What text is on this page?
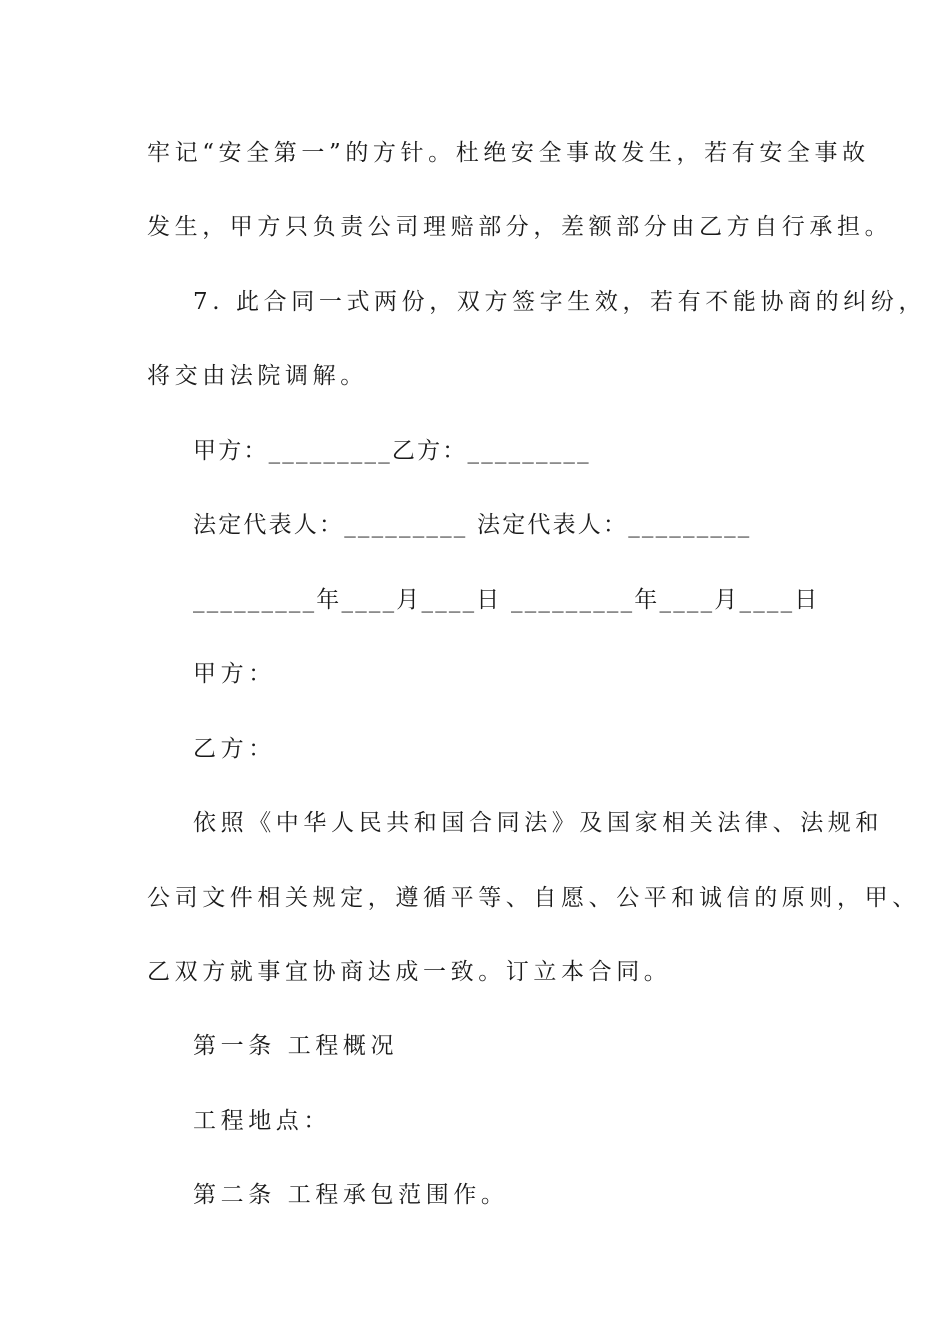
牢记“安全第一”的方针。杜绝安全事故发生，若有安全事故
发生，甲方只负责公司理赔部分，差额部分由乙方自行承担。
7. 此合同一式两份，双方签字生效，若有不能协商的纠纷，
将交由法院调解。
甲方：_________乙方：_________
法定代表人：_________ 法定代表人：_________
_________年____月____日 _________年____月____日
甲方：
乙方：
依照《中华人民共和国合同法》及国家相关法律、法规和
公司文件相关规定，遵循平等、自愿、公平和诚信的原则，甲、
乙双方就事宜协商达成一致。订立本合同。
第一条 工程概况
工程地点：
第二条 工程承包范围作。
